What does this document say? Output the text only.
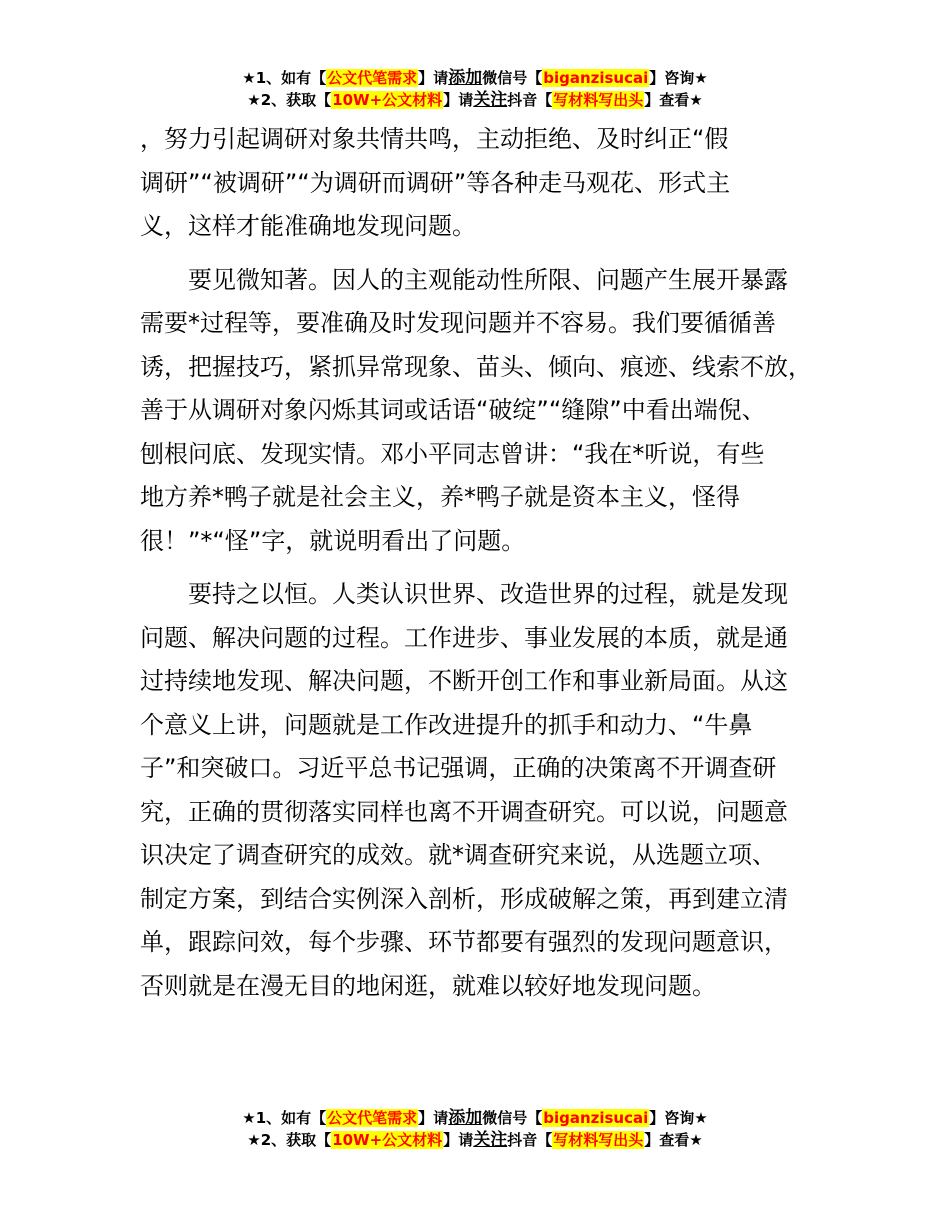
★1、如有【公文代笔需求】请添加微信号【biganzisucai】咨询★
★2、获取【10W+公文材料】请关注抖音【写材料写出头】查看★

，努力引起调研对象共情共鸣，主动拒绝、及时纠正“假
调研”“被调研”“为调研而调研”等各种走马观花、形式主
义，这样才能准确地发现问题。

要见微知著。因人的主观能动性所限、问题产生展开暴露
需要*过程等，要准确及时发现问题并不容易。我们要循循善
诱，把握技巧，紧抓异常现象、苗头、倾向、痕迹、线索不放，
善于从调研对象闪烁其词或话语“破绽”“缝隙”中看出端倪、
刨根问底、发现实情。邓小平同志曾讲：“我在*听说，有些
地方养*鸭子就是社会主义，养*鸭子就是资本主义，怪得
很！”*“怪”字，就说明看出了问题。

要持之以恒。人类认识世界、改造世界的过程，就是发现
问题、解决问题的过程。工作进步、事业发展的本质，就是通
过持续地发现、解决问题，不断开创工作和事业新局面。从这
个意义上讲，问题就是工作改进提升的抓手和动力、“牛鼻
子”和突破口。习近平总书记强调，正确的决策离不开调查研
究，正确的贯彻落实同样也离不开调查研究。可以说，问题意
识决定了调查研究的成效。就*调查研究来说，从选题立项、
制定方案，到结合实例深入剖析，形成破解之策，再到建立清
单，跟踪问效，每个步骤、环节都要有强烈的发现问题意识，
否则就是在漫无目的地闲逛，就难以较好地发现问题。

★1、如有【公文代笔需求】请添加微信号【biganzisucai】咨询★
★2、获取【10W+公文材料】请关注抖音【写材料写出头】查看★
